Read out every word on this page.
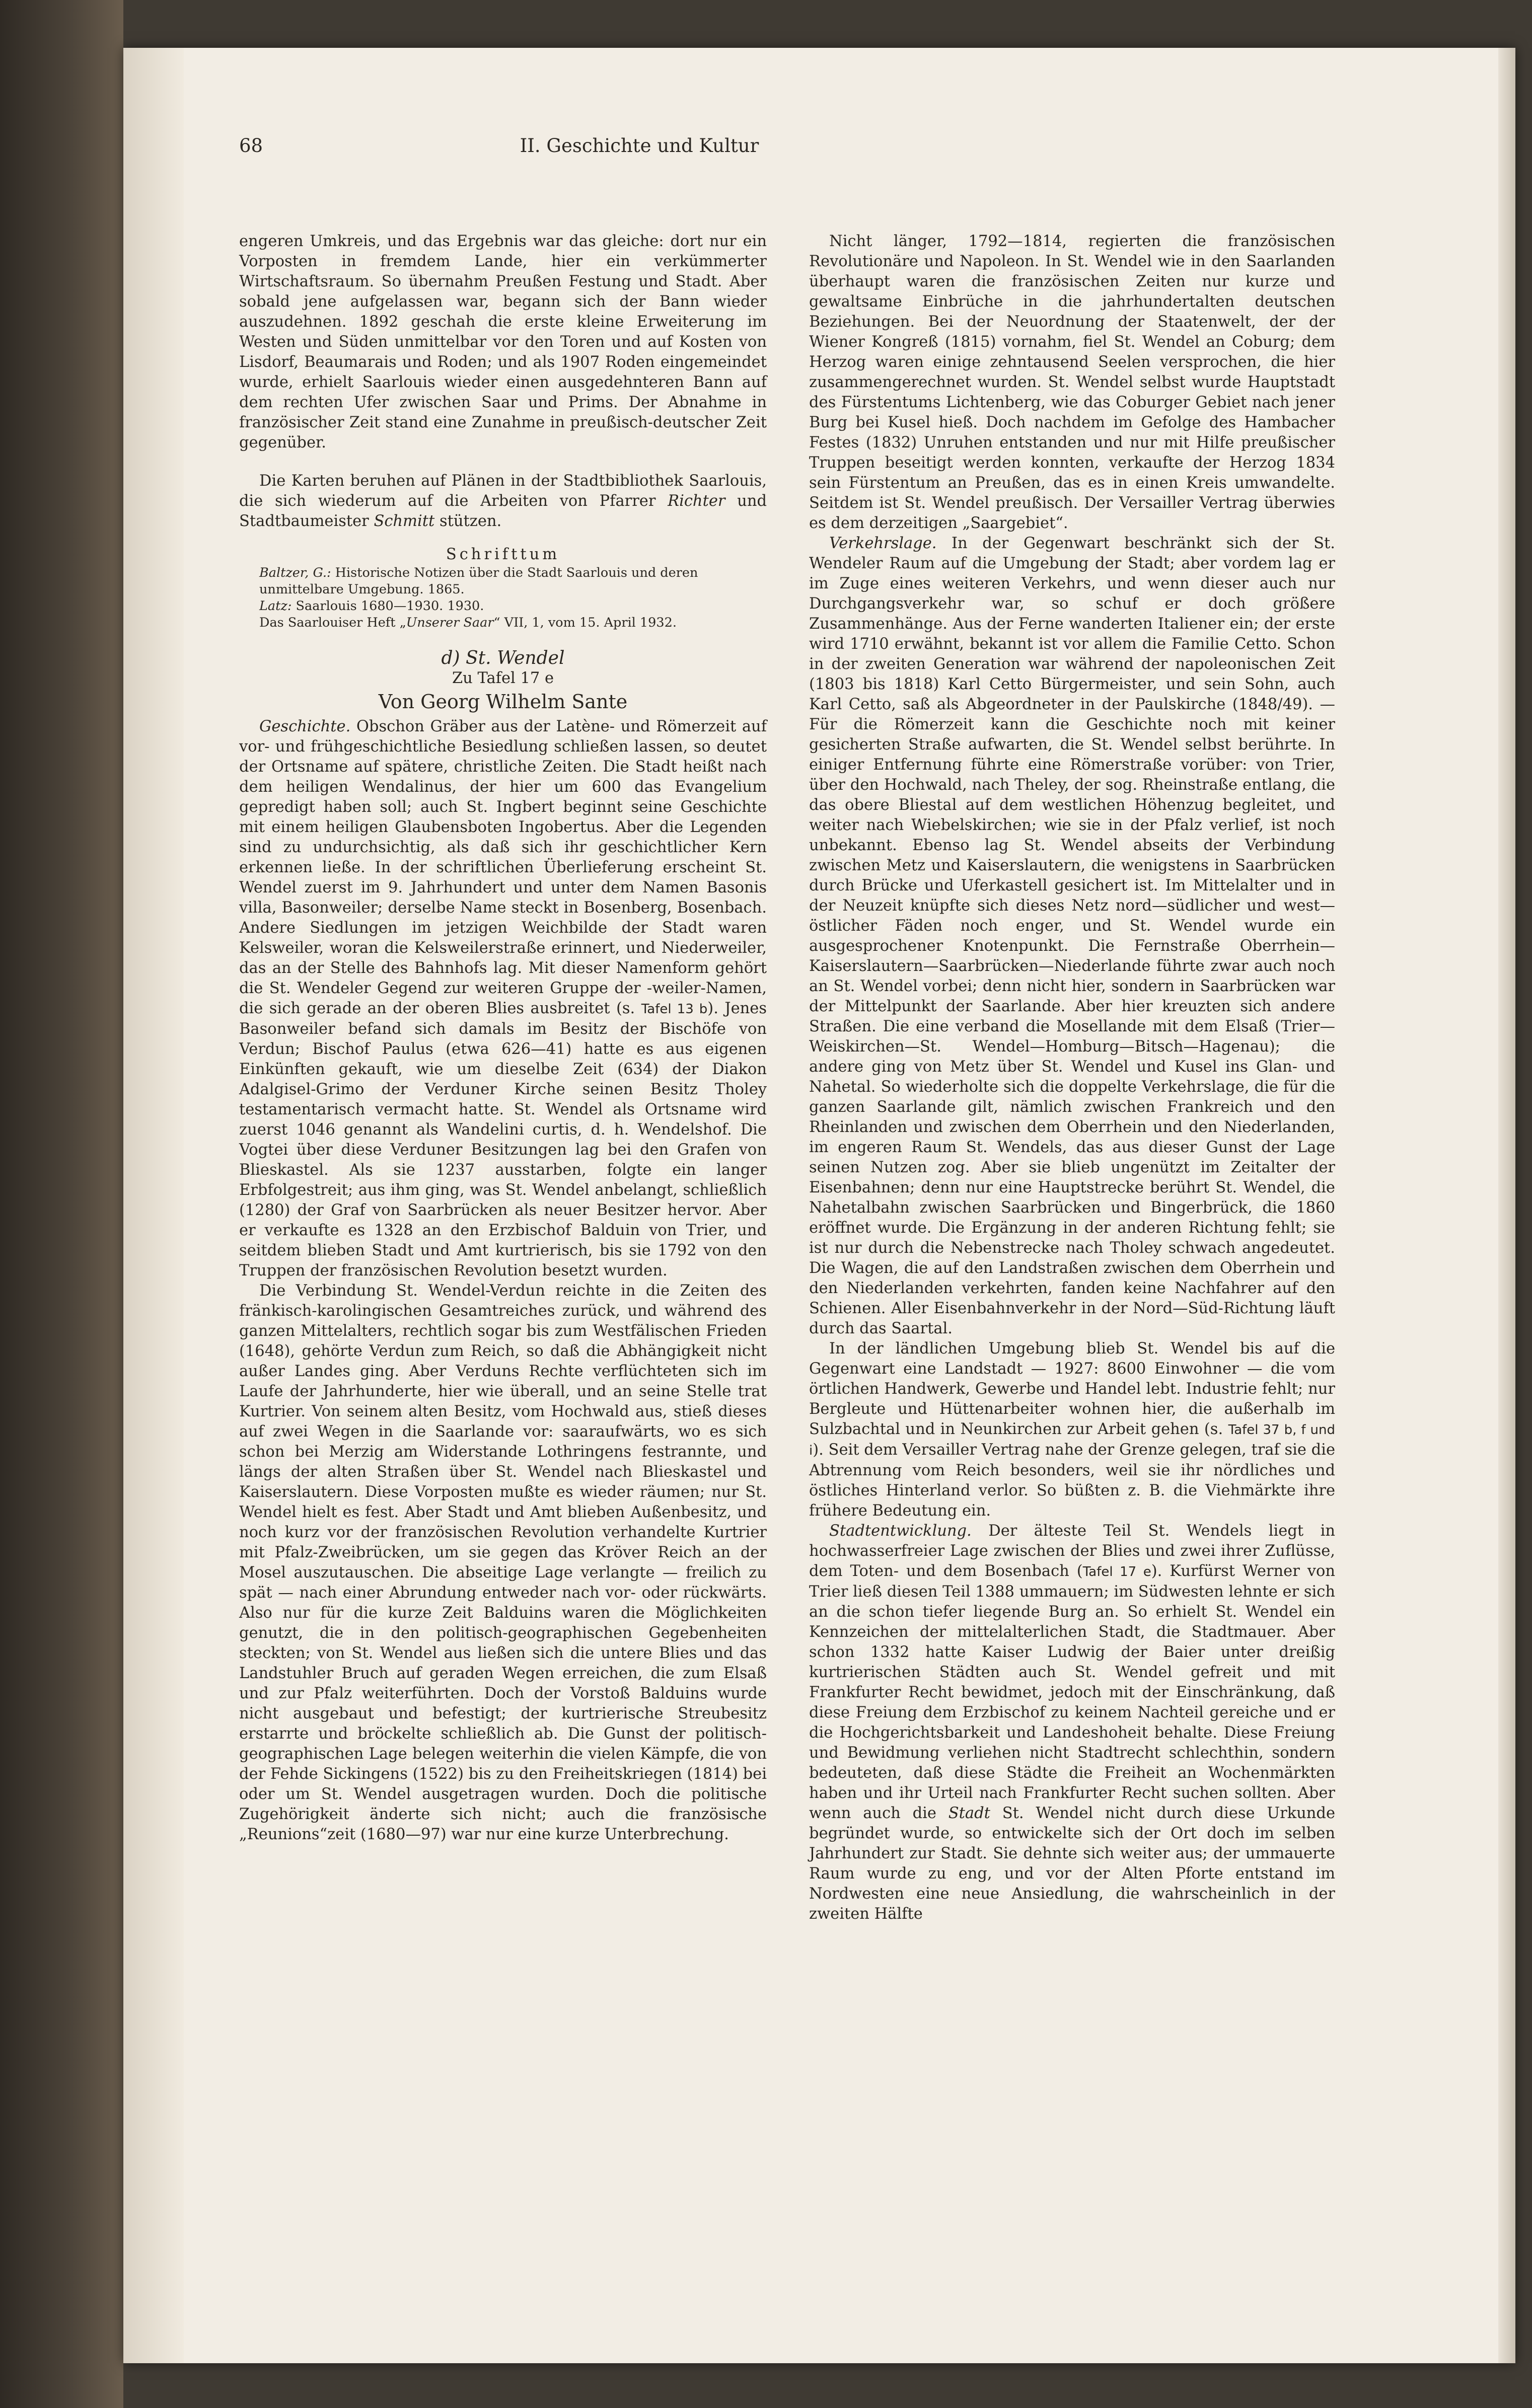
68	II. Geschichte und Kultur

engeren Umkreis, und das Ergebnis war das gleiche: dort nur ein Vorposten in fremdem Lande, hier ein verkümmerter Wirtschaftsraum. So übernahm Preußen Festung und Stadt. Aber sobald jene aufgelassen war, begann sich der Bann wieder auszudehnen. 1892 geschah die erste kleine Erweiterung im Westen und Süden unmittelbar vor den Toren und auf Kosten von Lisdorf, Beaumarais und Roden; und als 1907 Roden eingemeindet wurde, erhielt Saarlouis wieder einen ausgedehnteren Bann auf dem rechten Ufer zwischen Saar und Prims. Der Abnahme in französischer Zeit stand eine Zunahme in preußisch-deutscher Zeit gegenüber.

Die Karten beruhen auf Plänen in der Stadtbibliothek Saarlouis, die sich wiederum auf die Arbeiten von Pfarrer Richter und Stadtbaumeister Schmitt stützen.

Schrifttum

Baltzer, G.: Historische Notizen über die Stadt Saarlouis und deren unmittelbare Umgebung. 1865.

Latz: Saarlouis 1680—1930. 1930.

Das Saarlouiser Heft „Unserer Saar“ VII, 1, vom 15. April 1932.

d) St. Wendel

Zu Tafel 17 e

Von Georg Wilhelm Sante

Geschichte. Obschon Gräber aus der Latène- und Römerzeit auf vor- und frühgeschichtliche Besiedlung schließen lassen, so deutet der Ortsname auf spätere, christliche Zeiten. Die Stadt heißt nach dem heiligen Wendalinus, der hier um 600 das Evangelium gepredigt haben soll; auch St. Ingbert beginnt seine Geschichte mit einem heiligen Glaubensboten Ingobertus. Aber die Legenden sind zu undurchsichtig, als daß sich ihr geschichtlicher Kern erkennen ließe. In der schriftlichen Überlieferung erscheint St. Wendel zuerst im 9. Jahrhundert und unter dem Namen Basonis villa, Basonweiler; derselbe Name steckt in Bosenberg, Bosenbach. Andere Siedlungen im jetzigen Weichbilde der Stadt waren Kelsweiler, woran die Kelsweilerstraße erinnert, und Niederweiler, das an der Stelle des Bahnhofs lag. Mit dieser Namenform gehört die St. Wendeler Gegend zur weiteren Gruppe der -weiler-Namen, die sich gerade an der oberen Blies ausbreitet (s. Tafel 13 b). Jenes Basonweiler befand sich damals im Besitz der Bischöfe von Verdun; Bischof Paulus (etwa 626—41) hatte es aus eigenen Einkünften gekauft, wie um dieselbe Zeit (634) der Diakon Adalgisel-Grimo der Verduner Kirche seinen Besitz Tholey testamentarisch vermacht hatte. St. Wendel als Ortsname wird zuerst 1046 genannt als Wandelini curtis, d. h. Wendelshof. Die Vogtei über diese Verduner Besitzungen lag bei den Grafen von Blieskastel. Als sie 1237 ausstarben, folgte ein langer Erbfolgestreit; aus ihm ging, was St. Wendel anbelangt, schließlich (1280) der Graf von Saarbrücken als neuer Besitzer hervor. Aber er verkaufte es 1328 an den Erzbischof Balduin von Trier, und seitdem blieben Stadt und Amt kurtrierisch, bis sie 1792 von den Truppen der französischen Revolution besetzt wurden.

Die Verbindung St. Wendel-Verdun reichte in die Zeiten des fränkisch-karolingischen Gesamtreiches zurück, und während des ganzen Mittelalters, rechtlich sogar bis zum Westfälischen Frieden (1648), gehörte Verdun zum Reich, so daß die Abhängigkeit nicht außer Landes ging. Aber Verduns Rechte verflüchteten sich im Laufe der Jahrhunderte, hier wie überall, und an seine Stelle trat Kurtrier. Von seinem alten Besitz, vom Hochwald aus, stieß dieses auf zwei Wegen in die Saarlande vor: saaraufwärts, wo es sich schon bei Merzig am Widerstande Lothringens festrannte, und längs der alten Straßen über St. Wendel nach Blieskastel und Kaiserslautern. Diese Vorposten mußte es wieder räumen; nur St. Wendel hielt es fest. Aber Stadt und Amt blieben Außenbesitz, und noch kurz vor der französischen Revolution verhandelte Kurtrier mit Pfalz-Zweibrücken, um sie gegen das Kröver Reich an der Mosel auszutauschen. Die abseitige Lage verlangte — freilich zu spät — nach einer Abrundung entweder nach vor- oder rückwärts. Also nur für die kurze Zeit Balduins waren die Möglichkeiten genutzt, die in den politisch-geographischen Gegebenheiten steckten; von St. Wendel aus ließen sich die untere Blies und das Landstuhler Bruch auf geraden Wegen erreichen, die zum Elsaß und zur Pfalz weiterführten. Doch der Vorstoß Balduins wurde nicht ausgebaut und befestigt; der kurtrierische Streubesitz erstarrte und bröckelte schließlich ab. Die Gunst der politisch-geographischen Lage belegen weiterhin die vielen Kämpfe, die von der Fehde Sickingens (1522) bis zu den Freiheitskriegen (1814) bei oder um St. Wendel ausgetragen wurden. Doch die politische Zugehörigkeit änderte sich nicht; auch die französische „Reunions“zeit (1680—97) war nur eine kurze Unterbrechung.

Nicht länger, 1792—1814, regierten die französischen Revolutionäre und Napoleon. In St. Wendel wie in den Saarlanden überhaupt waren die französischen Zeiten nur kurze und gewaltsame Einbrüche in die jahrhundertalten deutschen Beziehungen. Bei der Neuordnung der Staatenwelt, der der Wiener Kongreß (1815) vornahm, fiel St. Wendel an Coburg; dem Herzog waren einige zehntausend Seelen versprochen, die hier zusammengerechnet wurden. St. Wendel selbst wurde Hauptstadt des Fürstentums Lichtenberg, wie das Coburger Gebiet nach jener Burg bei Kusel hieß. Doch nachdem im Gefolge des Hambacher Festes (1832) Unruhen entstanden und nur mit Hilfe preußischer Truppen beseitigt werden konnten, verkaufte der Herzog 1834 sein Fürstentum an Preußen, das es in einen Kreis umwandelte. Seitdem ist St. Wendel preußisch. Der Versailler Vertrag überwies es dem derzeitigen „Saargebiet“.

Verkehrslage. In der Gegenwart beschränkt sich der St. Wendeler Raum auf die Umgebung der Stadt; aber vordem lag er im Zuge eines weiteren Verkehrs, und wenn dieser auch nur Durchgangsverkehr war, so schuf er doch größere Zusammenhänge. Aus der Ferne wanderten Italiener ein; der erste wird 1710 erwähnt, bekannt ist vor allem die Familie Cetto. Schon in der zweiten Generation war während der napoleonischen Zeit (1803 bis 1818) Karl Cetto Bürgermeister, und sein Sohn, auch Karl Cetto, saß als Abgeordneter in der Paulskirche (1848/49). — Für die Römerzeit kann die Geschichte noch mit keiner gesicherten Straße aufwarten, die St. Wendel selbst berührte. In einiger Entfernung führte eine Römerstraße vorüber: von Trier, über den Hochwald, nach Theley, der sog. Rheinstraße entlang, die das obere Bliestal auf dem westlichen Höhenzug begleitet, und weiter nach Wiebelskirchen; wie sie in der Pfalz verlief, ist noch unbekannt. Ebenso lag St. Wendel abseits der Verbindung zwischen Metz und Kaiserslautern, die wenigstens in Saarbrücken durch Brücke und Uferkastell gesichert ist. Im Mittelalter und in der Neuzeit knüpfte sich dieses Netz nord—südlicher und west—östlicher Fäden noch enger, und St. Wendel wurde ein ausgesprochener Knotenpunkt. Die Fernstraße Oberrhein—Kaiserslautern—Saarbrücken—Niederlande führte zwar auch noch an St. Wendel vorbei; denn nicht hier, sondern in Saarbrücken war der Mittelpunkt der Saarlande. Aber hier kreuzten sich andere Straßen. Die eine verband die Mosellande mit dem Elsaß (Trier—Weiskirchen—St. Wendel—Homburg—Bitsch—Hagenau); die andere ging von Metz über St. Wendel und Kusel ins Glan- und Nahetal. So wiederholte sich die doppelte Verkehrslage, die für die ganzen Saarlande gilt, nämlich zwischen Frankreich und den Rheinlanden und zwischen dem Oberrhein und den Niederlanden, im engeren Raum St. Wendels, das aus dieser Gunst der Lage seinen Nutzen zog. Aber sie blieb ungenützt im Zeitalter der Eisenbahnen; denn nur eine Hauptstrecke berührt St. Wendel, die Nahetalbahn zwischen Saarbrücken und Bingerbrück, die 1860 eröffnet wurde. Die Ergänzung in der anderen Richtung fehlt; sie ist nur durch die Nebenstrecke nach Tholey schwach angedeutet. Die Wagen, die auf den Landstraßen zwischen dem Oberrhein und den Niederlanden verkehrten, fanden keine Nachfahrer auf den Schienen. Aller Eisenbahnverkehr in der Nord—Süd-Richtung läuft durch das Saartal.

In der ländlichen Umgebung blieb St. Wendel bis auf die Gegenwart eine Landstadt — 1927: 8600 Einwohner — die vom örtlichen Handwerk, Gewerbe und Handel lebt. Industrie fehlt; nur Bergleute und Hüttenarbeiter wohnen hier, die außerhalb im Sulzbachtal und in Neunkirchen zur Arbeit gehen (s. Tafel 37 b, f und i). Seit dem Versailler Vertrag nahe der Grenze gelegen, traf sie die Abtrennung vom Reich besonders, weil sie ihr nördliches und östliches Hinterland verlor. So büßten z. B. die Viehmärkte ihre frühere Bedeutung ein.

Stadtentwicklung. Der älteste Teil St. Wendels liegt in hochwasserfreier Lage zwischen der Blies und zwei ihrer Zuflüsse, dem Toten- und dem Bosenbach (Tafel 17 e). Kurfürst Werner von Trier ließ diesen Teil 1388 ummauern; im Südwesten lehnte er sich an die schon tiefer liegende Burg an. So erhielt St. Wendel ein Kennzeichen der mittelalterlichen Stadt, die Stadtmauer. Aber schon 1332 hatte Kaiser Ludwig der Baier unter dreißig kurtrierischen Städten auch St. Wendel gefreit und mit Frankfurter Recht bewidmet, jedoch mit der Einschränkung, daß diese Freiung dem Erzbischof zu keinem Nachteil gereiche und er die Hochgerichtsbarkeit und Landeshoheit behalte. Diese Freiung und Bewidmung verliehen nicht Stadtrecht schlechthin, sondern bedeuteten, daß diese Städte die Freiheit an Wochenmärkten haben und ihr Urteil nach Frankfurter Recht suchen sollten. Aber wenn auch die Stadt St. Wendel nicht durch diese Urkunde begründet wurde, so entwickelte sich der Ort doch im selben Jahrhundert zur Stadt. Sie dehnte sich weiter aus; der ummauerte Raum wurde zu eng, und vor der Alten Pforte entstand im Nordwesten eine neue Ansiedlung, die wahrscheinlich in der zweiten Hälfte
